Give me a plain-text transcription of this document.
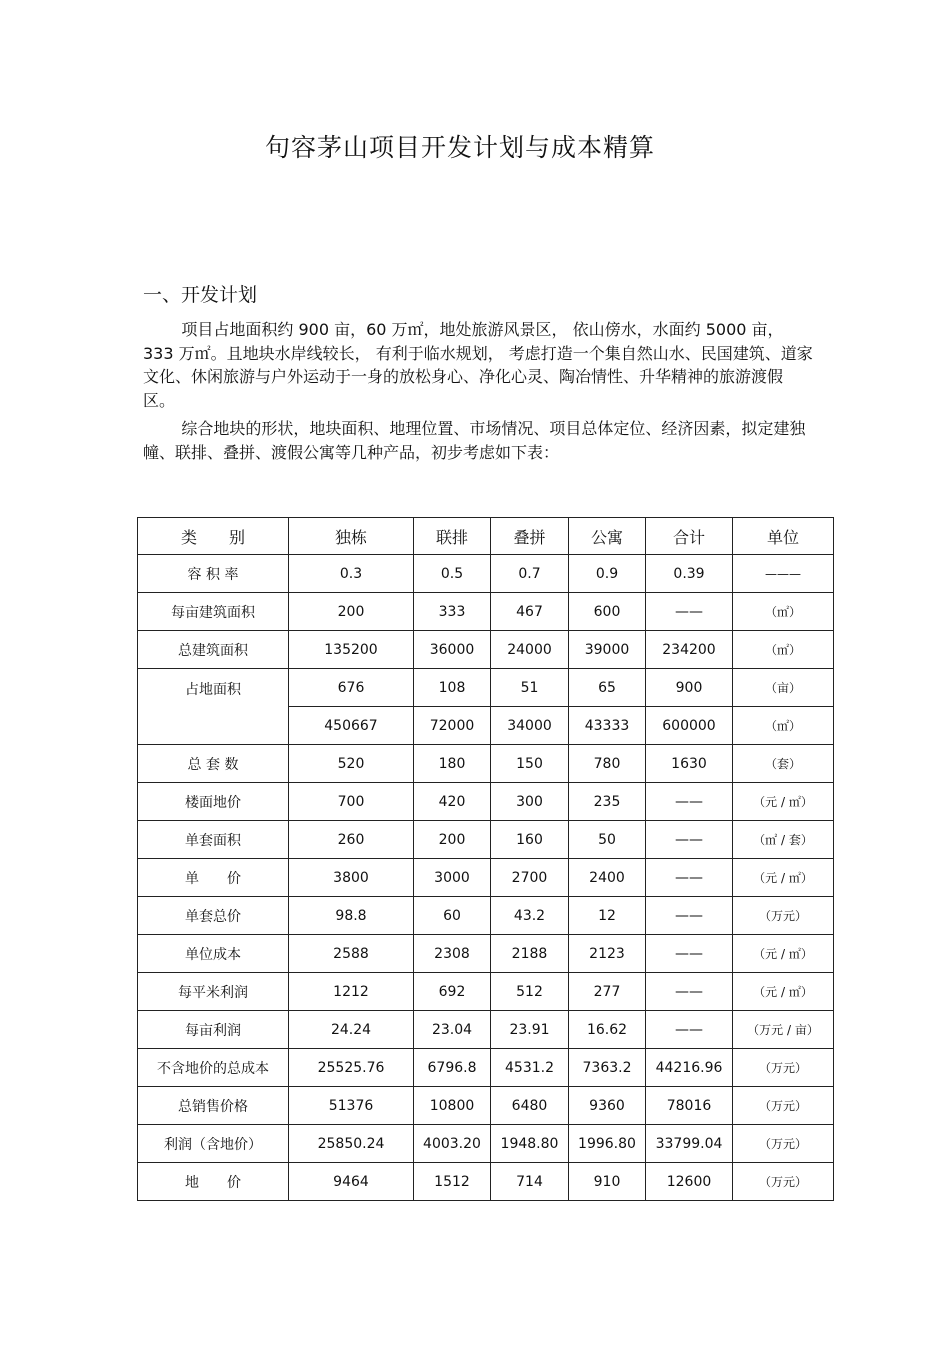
句容茅山项目开发计划与成本精算
一、开发计划

项目占地面积约 900 亩，60 万㎡，地处旅游风景区， 依山傍水，水面约 5000 亩，333 万㎡。且地块水岸线较长， 有利于临水规划， 考虑打造一个集自然山水、民国建筑、道家文化、休闲旅游与户外运动于一身的放松身心、净化心灵、陶冶情性、升华精神的旅游渡假区。

综合地块的形状，地块面积、地理位置、市场情况、项目总体定位、经济因素，拟定建独幢、联排、叠拼、渡假公寓等几种产品，初步考虑如下表：

类　　别	独栋	联排	叠拼	公寓	合计	单位
容 积 率	0.3	0.5	0.7	0.9	0.39	———
每亩建筑面积	200	333	467	600	——	（㎡）
总建筑面积	135200	36000	24000	39000	234200	（㎡）
占地面积	676	108	51	65	900	（亩）
	450667	72000	34000	43333	600000	（㎡）
总 套 数	520	180	150	780	1630	（套）
楼面地价	700	420	300	235	——	（元 / ㎡）
单套面积	260	200	160	50	——	（㎡ / 套）
单　　价	3800	3000	2700	2400	——	（元 / ㎡）
单套总价	98.8	60	43.2	12	——	（万元）
单位成本	2588	2308	2188	2123	——	（元 / ㎡）
每平米利润	1212	692	512	277	——	（元 / ㎡）
每亩利润	24.24	23.04	23.91	16.62	——	（万元 / 亩）
不含地价的总成本	25525.76	6796.8	4531.2	7363.2	44216.96	（万元）
总销售价格	51376	10800	6480	9360	78016	（万元）
利润（含地价）	25850.24	4003.20	1948.80	1996.80	33799.04	（万元）
地　　价	9464	1512	714	910	12600	（万元）
